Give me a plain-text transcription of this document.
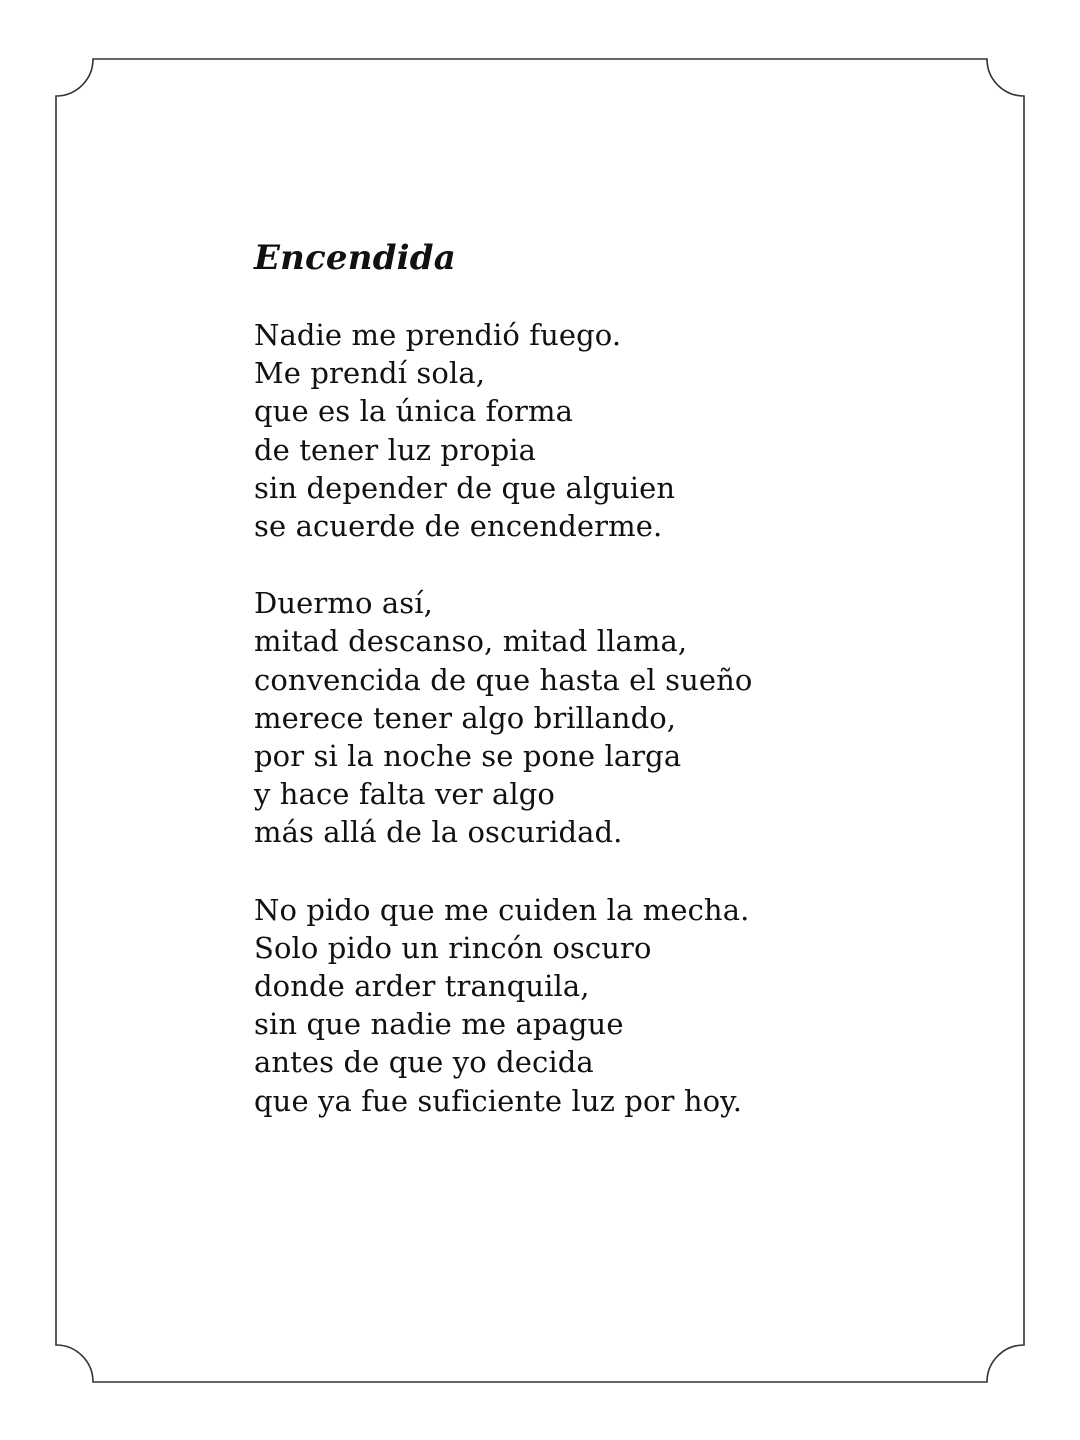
Encendida
Nadie me prendió fuego.
Me prendí sola,
que es la única forma
de tener luz propia
sin depender de que alguien
se acuerde de encenderme.
Duermo así,
mitad descanso, mitad llama,
convencida de que hasta el sueño
merece tener algo brillando,
por si la noche se pone larga
y hace falta ver algo
más allá de la oscuridad.
No pido que me cuiden la mecha.
Solo pido un rincón oscuro
donde arder tranquila,
sin que nadie me apague
antes de que yo decida
que ya fue suficiente luz por hoy.
